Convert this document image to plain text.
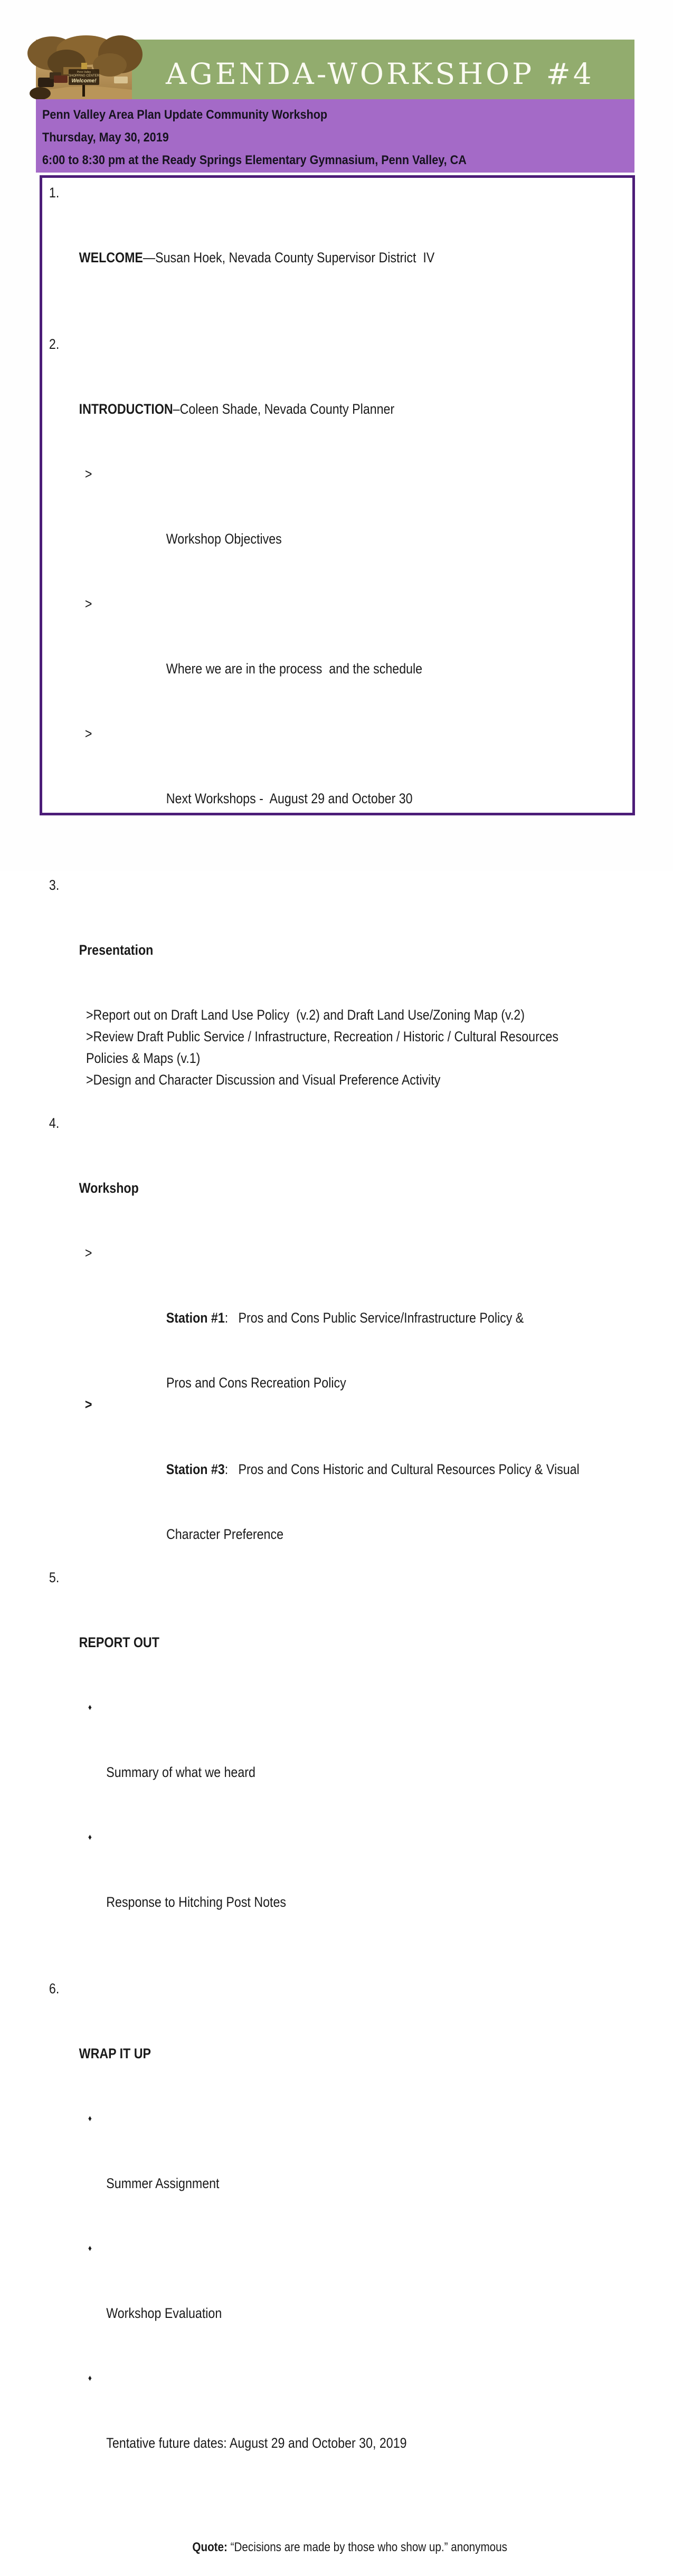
Penn Valley
SHOPPING CENTER
Welcome! AGENDA-WORKSHOP #4
Penn Valley Area Plan Update Community Workshop
Thursday, May 30, 2019
6:00 to 8:30 pm at the Ready Springs Elementary Gymnasium, Penn Valley, CA

1.

WELCOME—Susan Hoek, Nevada County Supervisor District  IV

2.

INTRODUCTION–Coleen Shade, Nevada County Planner

>

Workshop Objectives

>

Where we are in the process  and the schedule

>

Next Workshops -  August 29 and October 30

3.

Presentation

>Report out on Draft Land Use Policy  (v.2) and Draft Land Use/Zoning Map (v.2)
>Review Draft Public Service / Infrastructure, Recreation / Historic / Cultural Resources
Policies & Maps (v.1)
>Design and Character Discussion and Visual Preference Activity

4.

Workshop

>

Station #1:   Pros and Cons Public Service/Infrastructure Policy &

Pros and Cons Recreation Policy

>

Station #3:   Pros and Cons Historic and Cultural Resources Policy & Visual

Character Preference

5.

REPORT OUT

♦

Summary of what we heard

♦

Response to Hitching Post Notes

6.

WRAP IT UP

♦

Summer Assignment

♦

Workshop Evaluation

♦

Tentative future dates: August 29 and October 30, 2019

Quote: “Decisions are made by those who show up.” anonymous
